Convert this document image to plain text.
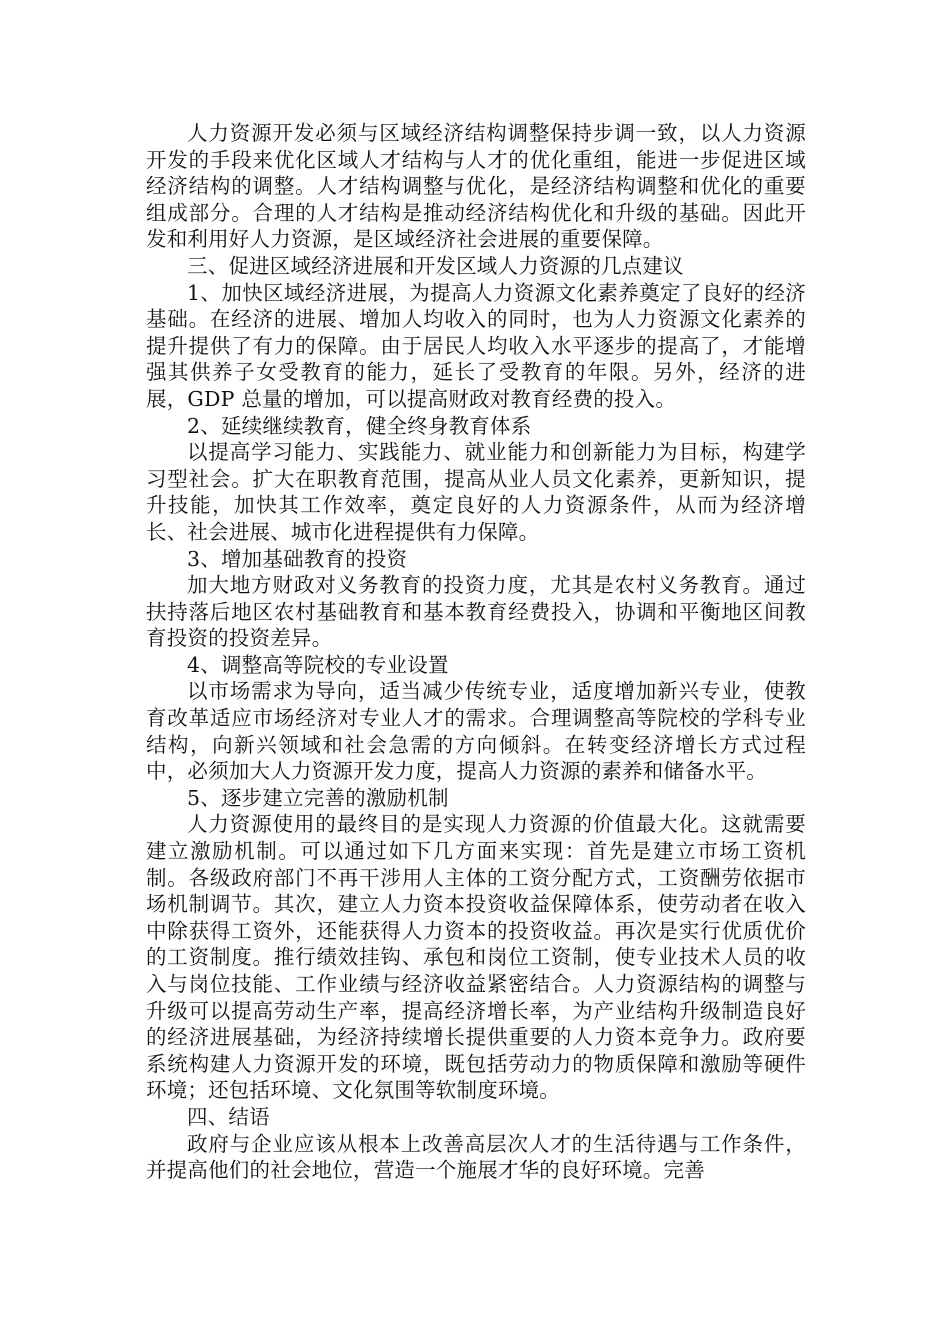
人力资源开发必须与区域经济结构调整保持步调一致，以人力资源开发的手段来优化区域人才结构与人才的优化重组，能进一步促进区域经济结构的调整。人才结构调整与优化，是经济结构调整和优化的重要组成部分。合理的人才结构是推动经济结构优化和升级的基础。因此开发和利用好人力资源，是区域经济社会进展的重要保障。

三、促进区域经济进展和开发区域人力资源的几点建议

1、加快区域经济进展，为提高人力资源文化素养奠定了良好的经济基础。在经济的进展、增加人均收入的同时，也为人力资源文化素养的提升提供了有力的保障。由于居民人均收入水平逐步的提高了，才能增强其供养子女受教育的能力，延长了受教育的年限。另外，经济的进展，GDP 总量的增加，可以提高财政对教育经费的投入。

2、延续继续教育，健全终身教育体系

以提高学习能力、实践能力、就业能力和创新能力为目标，构建学习型社会。扩大在职教育范围，提高从业人员文化素养，更新知识，提升技能，加快其工作效率，奠定良好的人力资源条件，从而为经济增长、社会进展、城市化进程提供有力保障。

3、增加基础教育的投资

加大地方财政对义务教育的投资力度，尤其是农村义务教育。通过扶持落后地区农村基础教育和基本教育经费投入，协调和平衡地区间教育投资的投资差异。

4、调整高等院校的专业设置

以市场需求为导向，适当减少传统专业，适度增加新兴专业，使教育改革适应市场经济对专业人才的需求。合理调整高等院校的学科专业结构，向新兴领域和社会急需的方向倾斜。在转变经济增长方式过程中，必须加大人力资源开发力度，提高人力资源的素养和储备水平。

5、逐步建立完善的激励机制

人力资源使用的最终目的是实现人力资源的价值最大化。这就需要建立激励机制。可以通过如下几方面来实现：首先是建立市场工资机制。各级政府部门不再干涉用人主体的工资分配方式，工资酬劳依据市场机制调节。其次，建立人力资本投资收益保障体系，使劳动者在收入中除获得工资外，还能获得人力资本的投资收益。再次是实行优质优价的工资制度。推行绩效挂钩、承包和岗位工资制，使专业技术人员的收入与岗位技能、工作业绩与经济收益紧密结合。人力资源结构的调整与升级可以提高劳动生产率，提高经济增长率，为产业结构升级制造良好的经济进展基础，为经济持续增长提供重要的人力资本竞争力。政府要系统构建人力资源开发的环境，既包括劳动力的物质保障和激励等硬件环境；还包括环境、文化氛围等软制度环境。

四、结语

政府与企业应该从根本上改善高层次人才的生活待遇与工作条件，并提高他们的社会地位，营造一个施展才华的良好环境。完善
